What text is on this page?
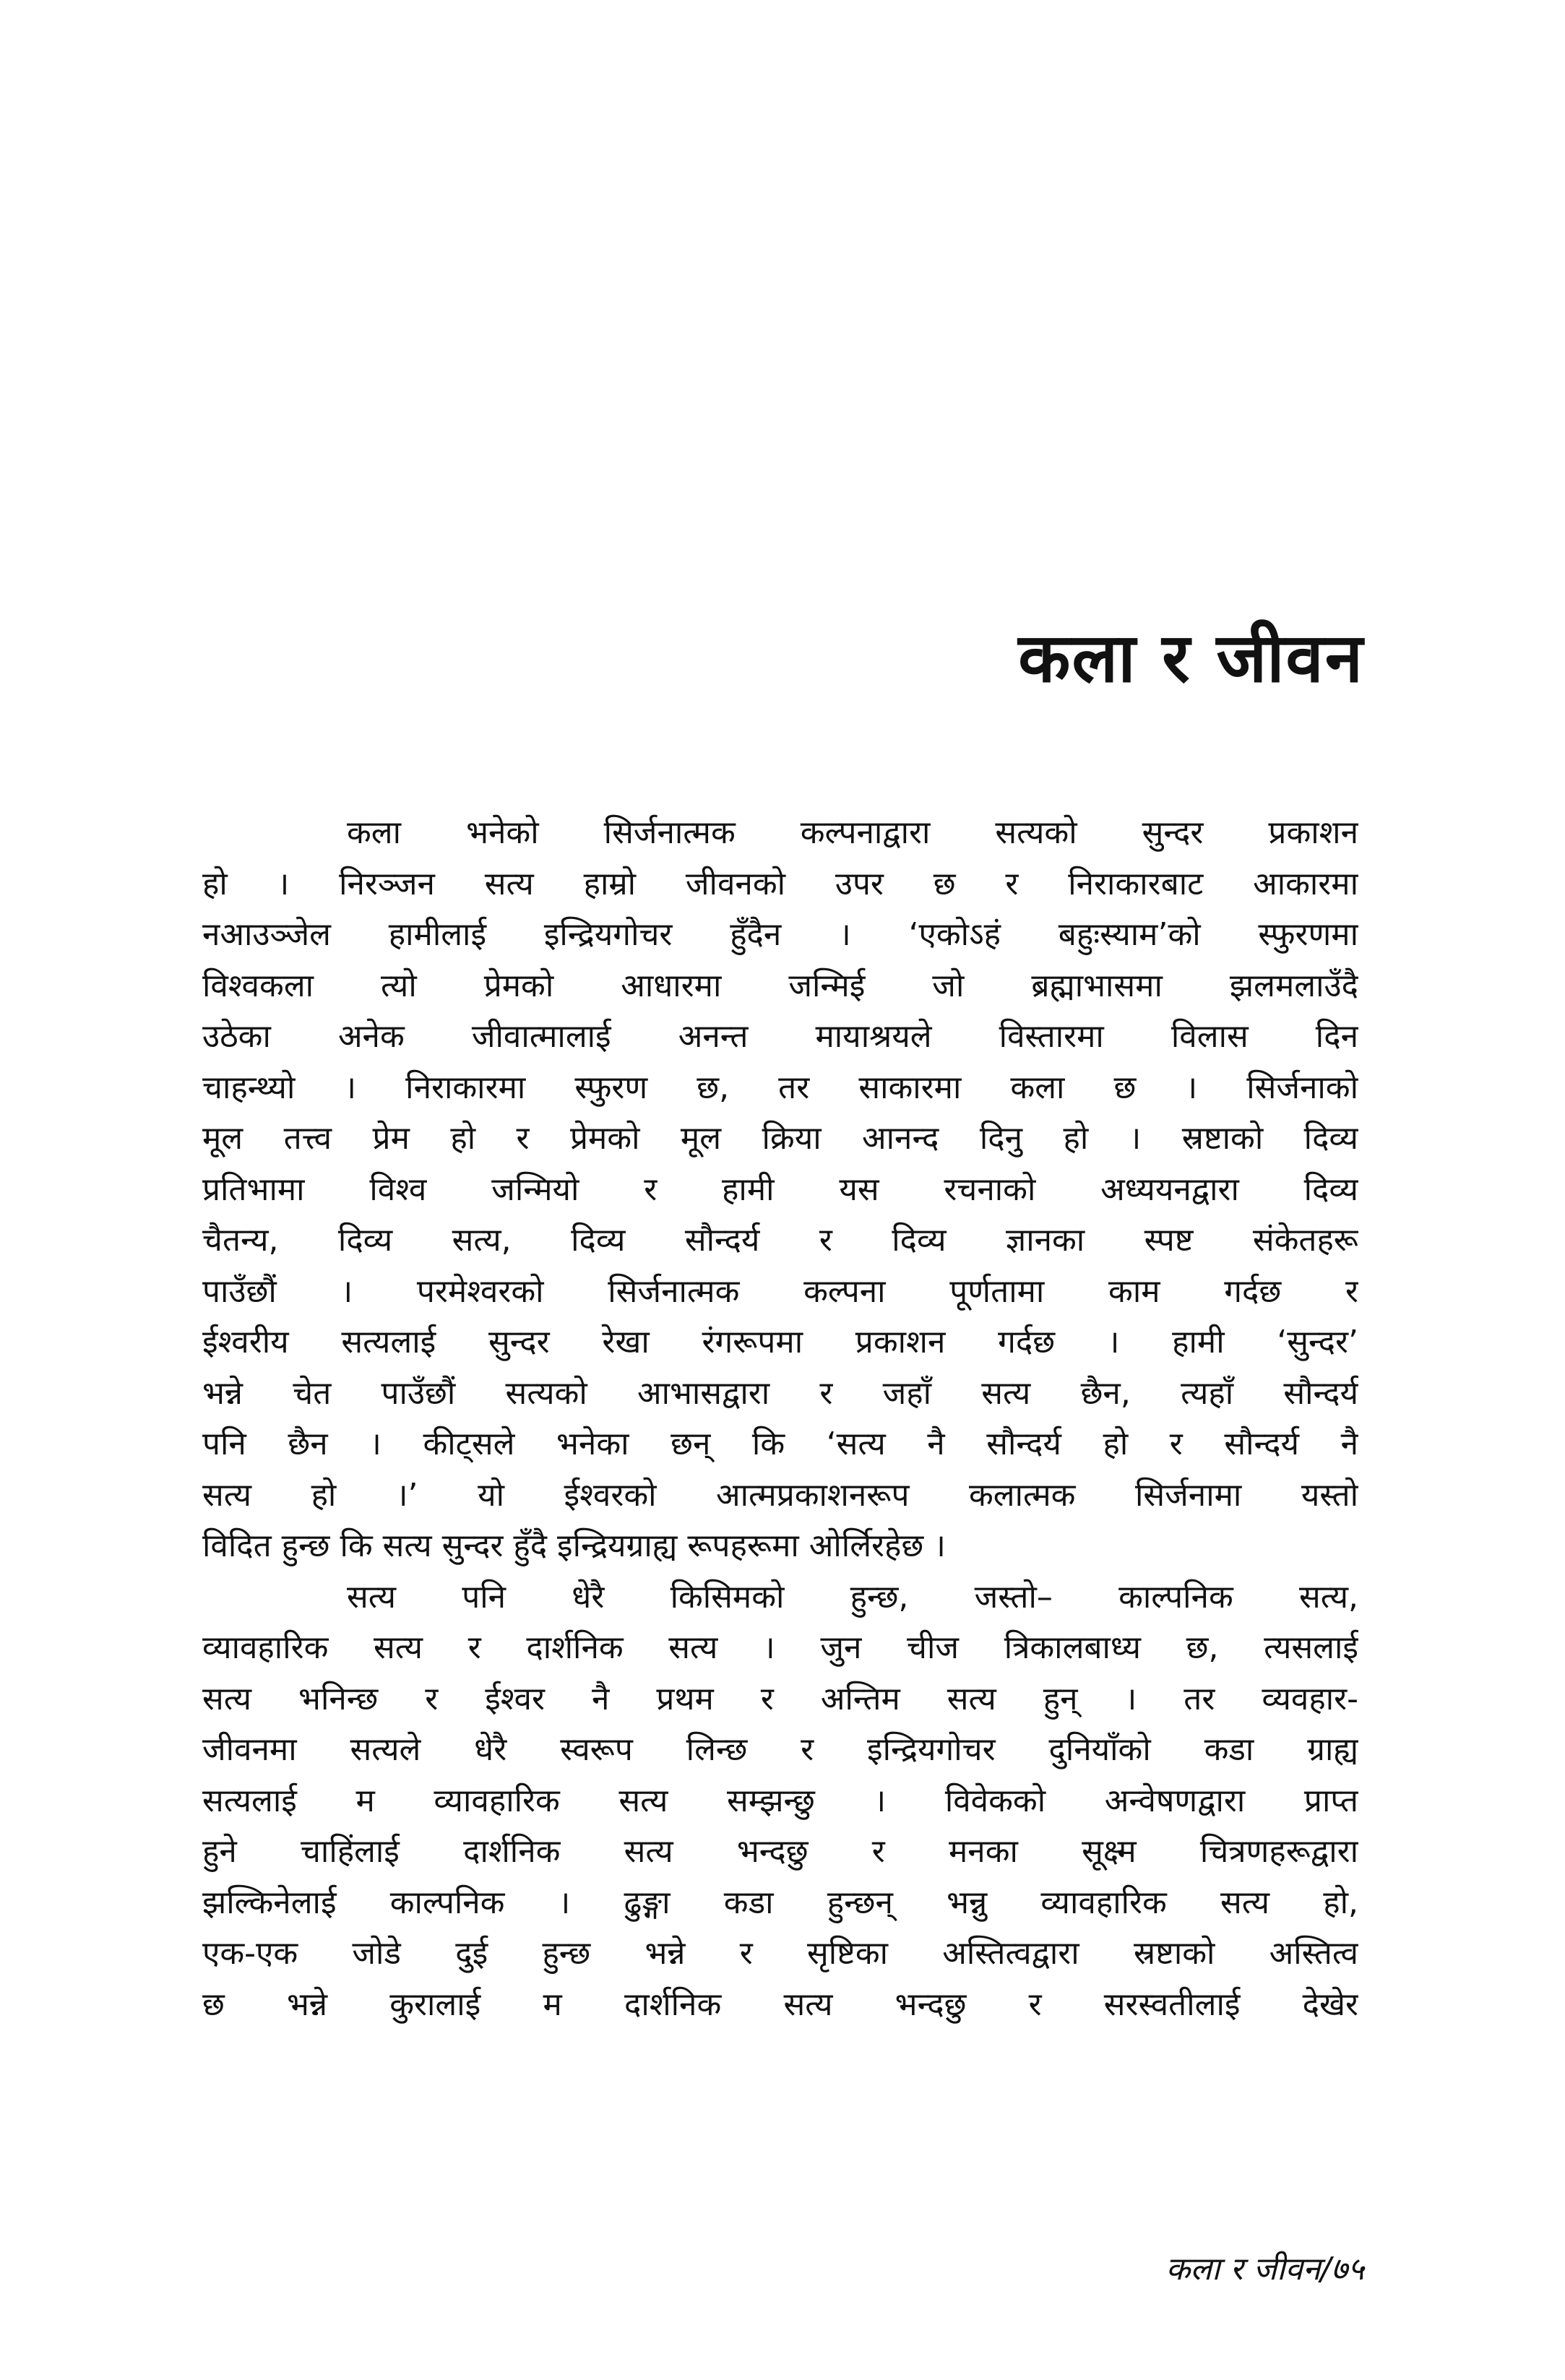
कला र जीवन
कला भनेको सिर्जनात्मक कल्पनाद्वारा सत्यको सुन्दर प्रकाशन
हो । निरञ्जन सत्य हाम्रो जीवनको उपर छ र निराकारबाट आकारमा
नआउञ्जेल हामीलाई इन्द्रियगोचर हुँदैन । ‘एकोऽहं बहुःस्याम’को स्फुरणमा
विश्वकला त्यो प्रेमको आधारमा जन्मिई जो ब्रह्माभासमा झलमलाउँदै
उठेका अनेक जीवात्मालाई अनन्त मायाश्रयले विस्तारमा विलास दिन
चाहन्थ्यो । निराकारमा स्फुरण छ, तर साकारमा कला छ । सिर्जनाको
मूल तत्त्व प्रेम हो र प्रेमको मूल क्रिया आनन्द दिनु हो । स्रष्टाको दिव्य
प्रतिभामा विश्व जन्मियो र हामी यस रचनाको अध्ययनद्वारा दिव्य
चैतन्य, दिव्य सत्य, दिव्य सौन्दर्य र दिव्य ज्ञानका स्पष्ट संकेतहरू
पाउँछौं । परमेश्वरको सिर्जनात्मक कल्पना पूर्णतामा काम गर्दछ र
ईश्वरीय सत्यलाई सुन्दर रेखा रंगरूपमा प्रकाशन गर्दछ । हामी ‘सुन्दर’
भन्ने चेत पाउँछौं सत्यको आभासद्वारा र जहाँ सत्य छैन, त्यहाँ सौन्दर्य
पनि छैन । कीट्सले भनेका छन् कि ‘सत्य नै सौन्दर्य हो र सौन्दर्य नै
सत्य हो ।’ यो ईश्वरको आत्मप्रकाशनरूप कलात्मक सिर्जनामा यस्तो
विदित हुन्छ कि सत्य सुन्दर हुँदै इन्द्रियग्राह्य रूपहरूमा ओर्लिरहेछ ।
सत्य पनि धेरै किसिमको हुन्छ, जस्तो– काल्पनिक सत्य,
व्यावहारिक सत्य र दार्शनिक सत्य । जुन चीज त्रिकालबाध्य छ, त्यसलाई
सत्य भनिन्छ र ईश्वर नै प्रथम र अन्तिम सत्य हुन् । तर व्यवहार-
जीवनमा सत्यले धेरै स्वरूप लिन्छ र इन्द्रियगोचर दुनियाँको कडा ग्राह्य
सत्यलाई म व्यावहारिक सत्य सम्झन्छु । विवेकको अन्वेषणद्वारा प्राप्त
हुने चाहिंलाई दार्शनिक सत्य भन्दछु र मनका सूक्ष्म चित्रणहरूद्वारा
झल्किनेलाई काल्पनिक । ढुङ्गा कडा हुन्छन् भन्नु व्यावहारिक सत्य हो,
एक-एक जोडे दुई हुन्छ भन्ने र सृष्टिका अस्तित्वद्वारा स्रष्टाको अस्तित्व
छ भन्ने कुरालाई म दार्शनिक सत्य भन्दछु र सरस्वतीलाई देखेर
कला र जीवन/७५
